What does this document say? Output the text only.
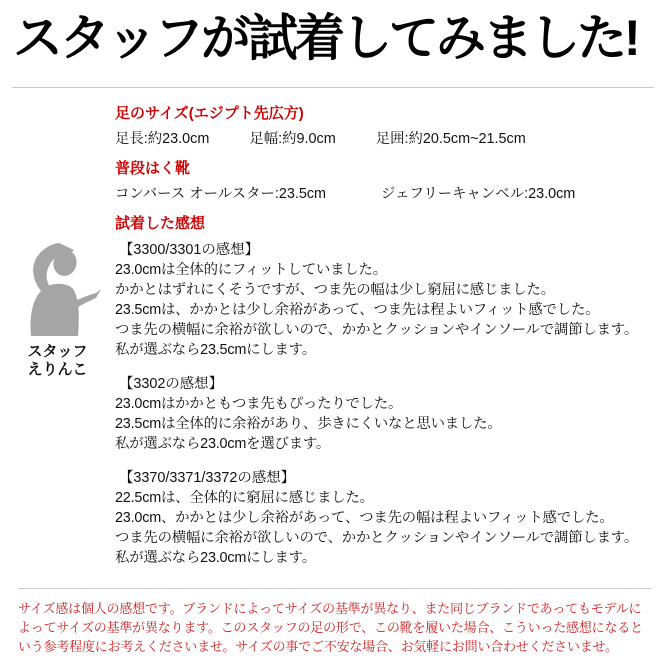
スタッフが試着してみました!
スタッフ
えりんこ
足のサイズ(エジプト先広方)
足長:約23.0cm	足幅:約9.0cm	足囲:約20.5cm~21.5cm
普段はく靴
コンバース オールスター:23.5cm	ジェフリーキャンベル:23.0cm
試着した感想
【3300/3301の感想】
23.0cmは全体的にフィットしていました。
かかとはずれにくそうですが、つま先の幅は少し窮屈に感じました。
23.5cmは、かかとは少し余裕があって、つま先は程よいフィット感でした。
つま先の横幅に余裕が欲しいので、かかとクッションやインソールで調節します。
私が選ぶなら23.5cmにします。
【3302の感想】
23.0cmはかかともつま先もぴったりでした。
23.5cmは全体的に余裕があり、歩きにくいなと思いました。
私が選ぶなら23.0cmを選びます。
【3370/3371/3372の感想】
22.5cmは、全体的に窮屈に感じました。
23.0cm、かかとは少し余裕があって、つま先の幅は程よいフィット感でした。
つま先の横幅に余裕が欲しいので、かかとクッションやインソールで調節します。
私が選ぶなら23.0cmにします。

サイズ感は個人の感想です。ブランドによってサイズの基準が異なり、また同じブランドであってもモデルによってサイズの基準が異なります。このスタッフの足の形で、この靴を履いた場合、こういった感想になるという参考程度にお考えくださいませ。サイズの事でご不安な場合、お気軽にお問い合わせくださいませ。
